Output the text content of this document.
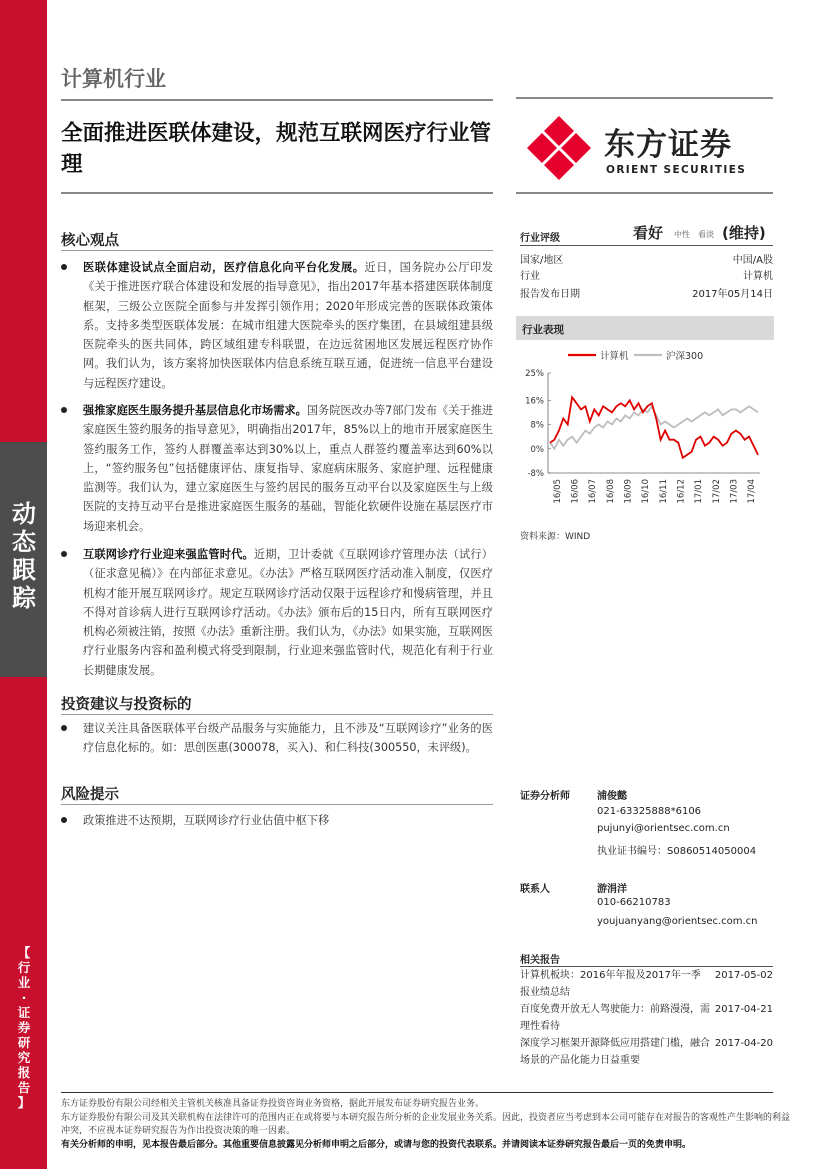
动
态
跟
踪
【
行
业
·
证
券
研
究
报
告
】
计算机行业
全面推进医联体建设，规范互联网医疗行业管理
东方证券
ORIENT SECURITIES
核心观点
医联体建设试点全面启动，医疗信息化向平台化发展。近日，国务院办公厅印发《关于推进医疗联合体建设和发展的指导意见》，指出2017年基本搭建医联体制度框架，三级公立医院全面参与并发挥引领作用；2020年形成完善的医联体政策体系。支持多类型医联体发展：在城市组建大医院牵头的医疗集团，在县域组建县级医院牵头的医共同体，跨区域组建专科联盟，在边远贫困地区发展远程医疗协作网。我们认为，该方案将加快医联体内信息系统互联互通，促进统一信息平台建设与远程医疗建设。
强推家庭医生服务提升基层信息化市场需求。国务院医改办等7部门发布《关于推进家庭医生签约服务的指导意见》，明确指出2017年，85%以上的地市开展家庭医生签约服务工作，签约人群覆盖率达到30%以上，重点人群签约覆盖率达到60%以上，“签约服务包”包括健康评估、康复指导、家庭病床服务、家庭护理、远程健康监测等。我们认为，建立家庭医生与签约居民的服务互动平台以及家庭医生与上级医院的支持互动平台是推进家庭医生服务的基础，智能化软硬件设施在基层医疗市场迎来机会。
互联网诊疗行业迎来强监管时代。近期，卫计委就《互联网诊疗管理办法（试行）（征求意见稿）》在内部征求意见。《办法》严格互联网医疗活动准入制度，仅医疗机构才能开展互联网诊疗。规定互联网诊疗活动仅限于远程诊疗和慢病管理，并且不得对首诊病人进行互联网诊疗活动。《办法》颁布后的15日内，所有互联网医疗机构必须被注销，按照《办法》重新注册。我们认为，《办法》如果实施，互联网医疗行业服务内容和盈利模式将受到限制，行业迎来强监管时代，规范化有利于行业长期健康发展。
投资建议与投资标的
建议关注具备医联体平台级产品服务与实施能力，且不涉及“互联网诊疗”业务的医疗信息化标的。如：思创医惠(300078，买入)、和仁科技(300550，未评级)。
风险提示
政策推进不达预期，互联网诊疗行业估值中枢下移
行业评级	看好 中性 看淡 (维持)
国家/地区	中国/A股
行业	计算机
报告发布日期	2017年05月14日
行业表现
计算机	沪深300
25%
16%
8%
0%
-8%
16/05 16/06 16/07 16/08 16/09 16/10 16/11 16/12 17/01 17/02 17/03 17/04
资料来源：WIND
证券分析师	浦俊懿
021-63325888*6106
pujunyi@orientsec.com.cn
执业证书编号：S0860514050004
联系人	游涓洋
010-66210783
youjuanyang@orientsec.com.cn
相关报告
计算机板块：2016年年报及2017年一季报业绩总结
2017-05-02
百度免费开放无人驾驶能力：前路漫漫，需理性看待
2017-04-21
深度学习框架开源降低应用搭建门槛，融合场景的产品化能力日益重要
2017-04-20
东方证券股份有限公司经相关主管机关核准具备证券投资咨询业务资格，据此开展发布证券研究报告业务。
东方证券股份有限公司及其关联机构在法律许可的范围内正在或将要与本研究报告所分析的企业发展业务关系。因此，投资者应当考虑到本公司可能存在对报告的客观性产生影响的利益冲突，不应视本证券研究报告为作出投资决策的唯一因素。
有关分析师的申明，见本报告最后部分。其他重要信息披露见分析师申明之后部分，或请与您的投资代表联系。并请阅读本证券研究报告最后一页的免责申明。
